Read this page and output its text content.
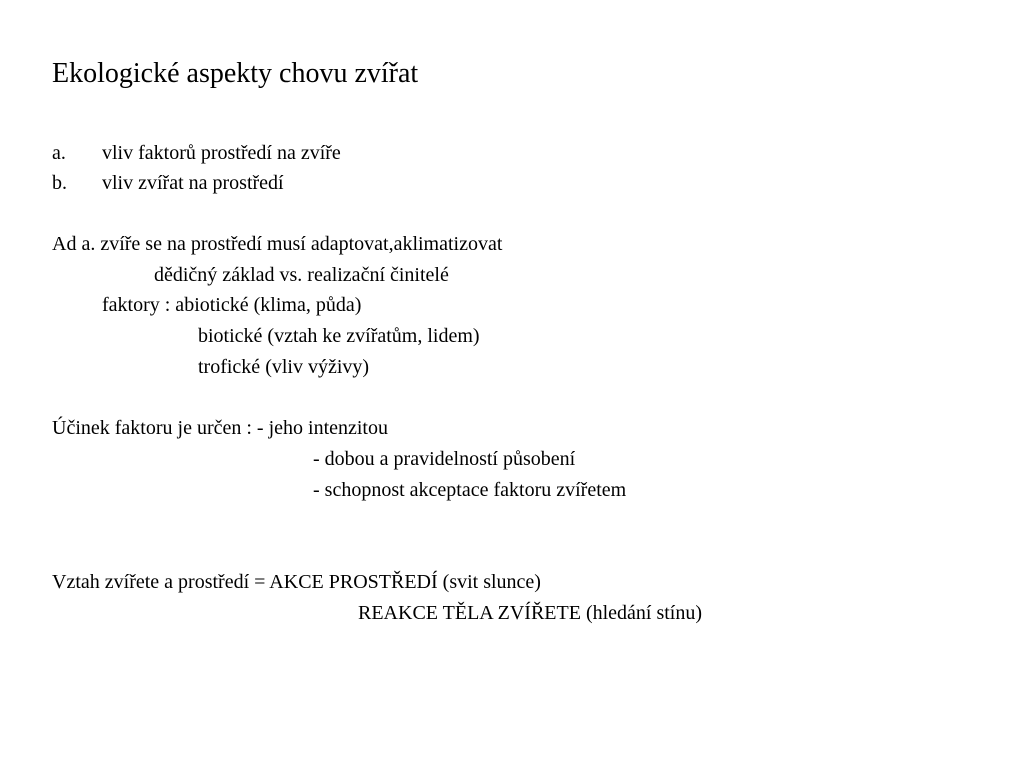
Ekologické aspekty chovu zvířat
a. vliv faktorů prostředí na zvíře
b. vliv zvířat na prostředí
Ad a. zvíře se na prostředí musí adaptovat,aklimatizovat
dědičný základ vs. realizační činitelé
faktory : abiotické (klima, půda)
biotické (vztah ke zvířatům, lidem)
trofické (vliv výživy)
Účinek faktoru je určen : - jeho intenzitou
- dobou a pravidelností působení
- schopnost akceptace faktoru zvířetem
Vztah zvířete a prostředí = AKCE PROSTŘEDÍ (svit slunce)
REAKCE TĚLA ZVÍŘETE (hledání stínu)
